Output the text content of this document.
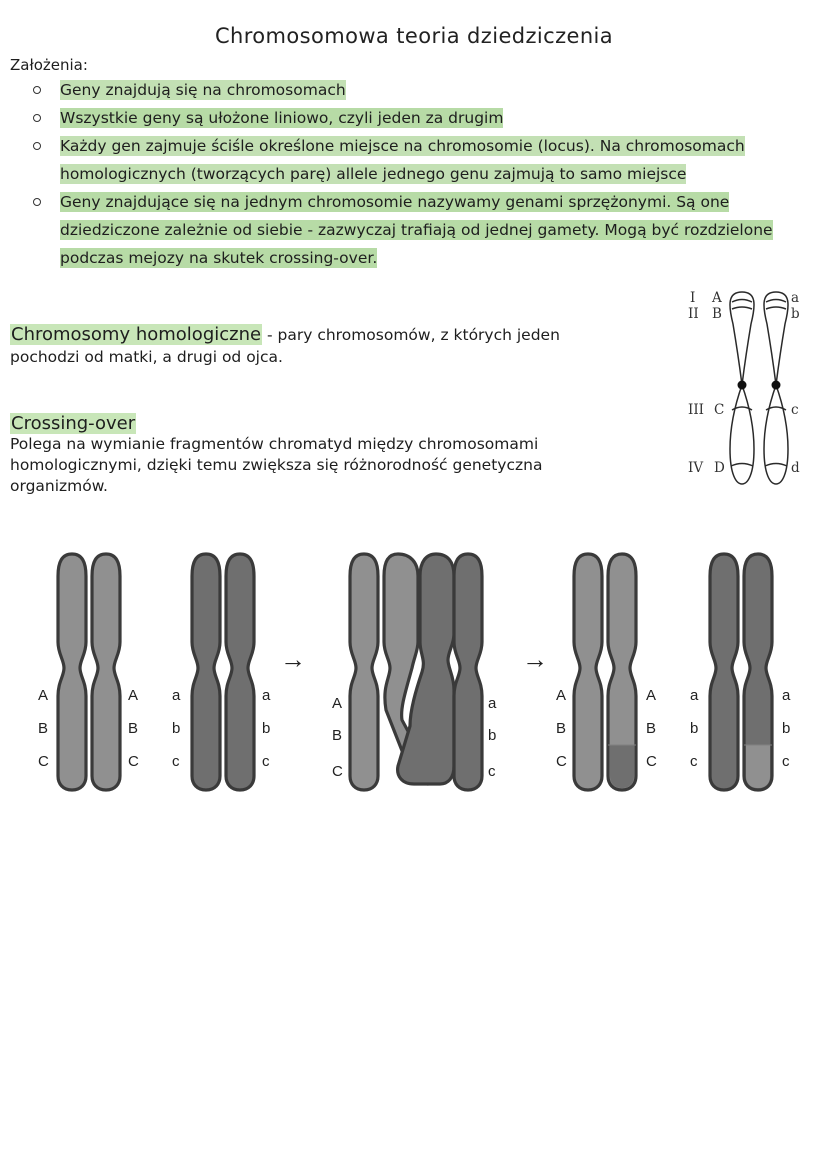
Chromosomowa teoria dziedziczenia
Założenia:
Geny znajdują się na chromosomach
Wszystkie geny są ułożone liniowo, czyli jeden za drugim
Każdy gen zajmuje ściśle określone miejsce na chromosomie (locus). Na chromosomach homologicznych (tworzących parę) allele jednego genu zajmują to samo miejsce
Geny znajdujące się na jednym chromosomie nazywamy genami sprzężonymi. Są one dziedziczone zależnie od siebie - zazwyczaj trafiają od jednej gamety. Mogą być rozdzielone podczas mejozy na skutek crossing-over.
Chromosomy homologiczne - pary chromosomów, z których jeden pochodzi od matki, a drugi od ojca.
Crossing-over
Polega na wymianie fragmentów chromatyd między chromosomami homologicznymi, dzięki temu zwiększa się różnorodność genetyczna organizmów.
I
II
III
IV
A
B
C
D
a
b
c
d
→	→
A
B
C
A
B
C
a
b
c
a
b
c
A
B
C
a
b
c
A
B
C
A
B
C
a
b
c
a
b
c
